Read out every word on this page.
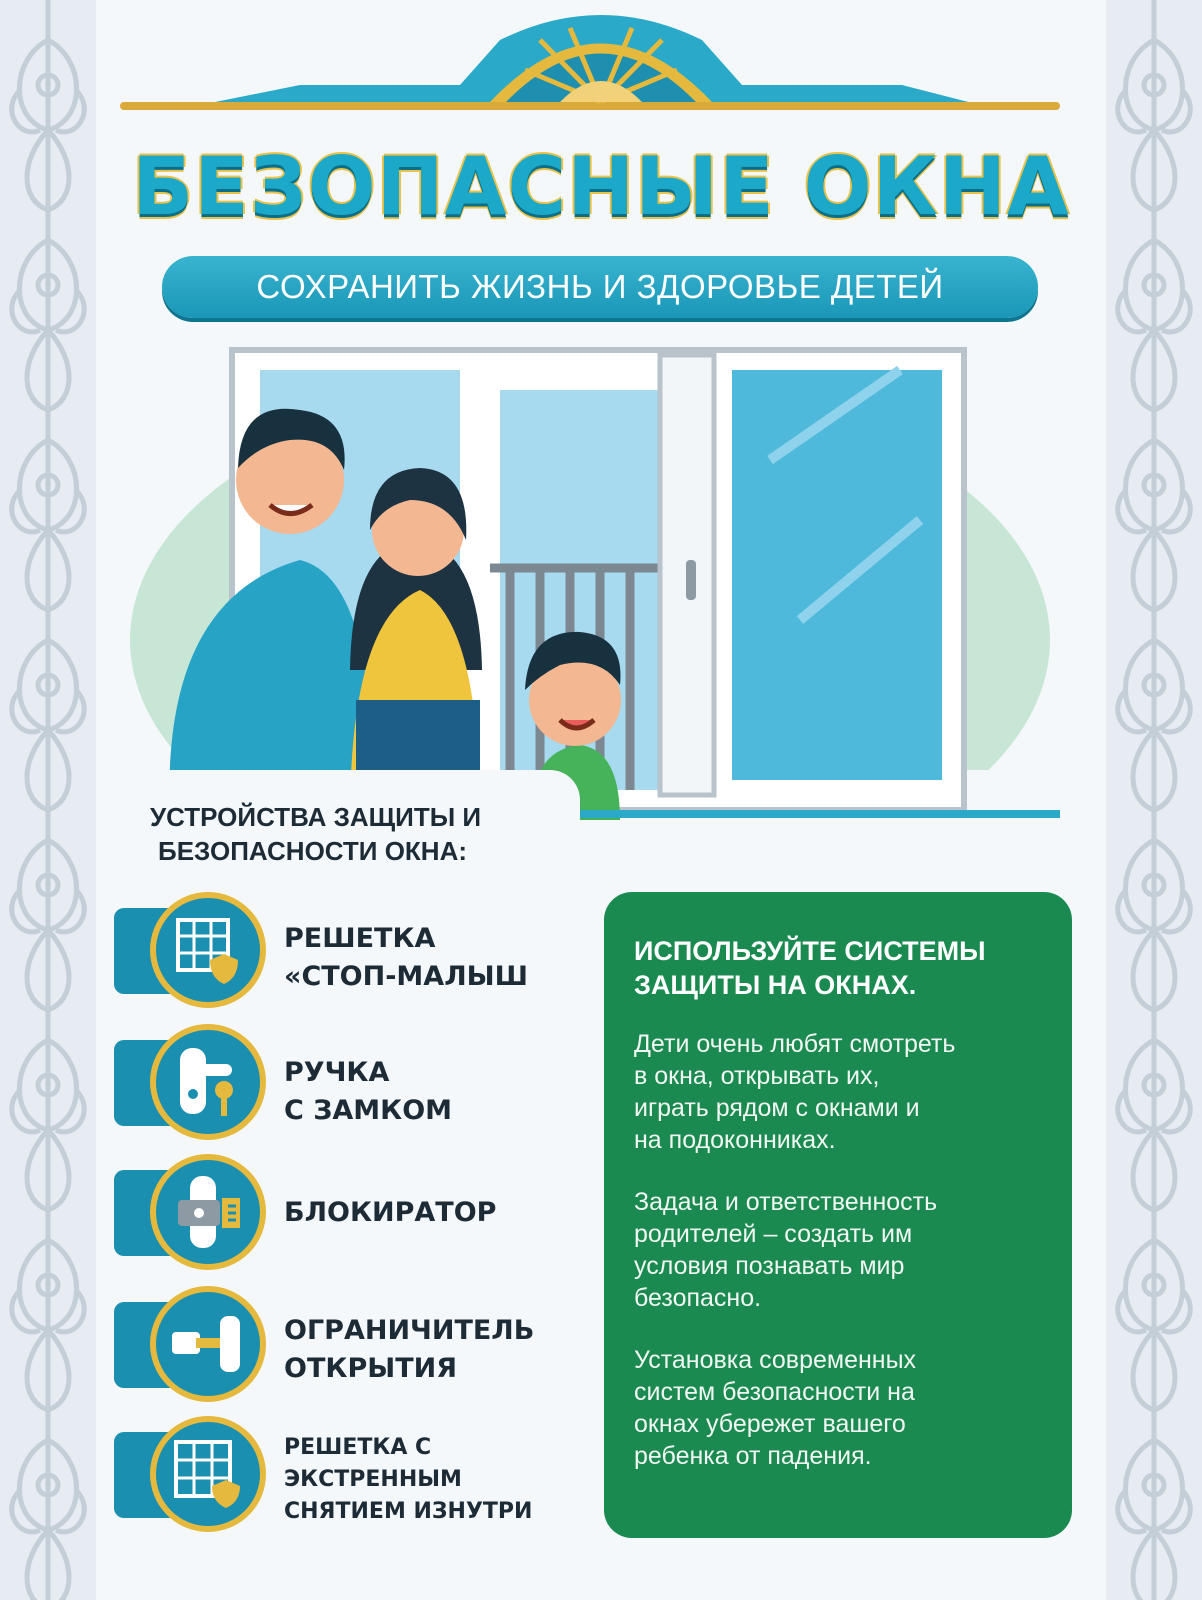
БЕЗОПАСНЫЕ ОКНА
СОХРАНИТЬ ЖИЗНЬ И ЗДОРОВЬЕ ДЕТЕЙ
УСТРОЙСТВА ЗАЩИТЫ И
БЕЗОПАСНОСТИ ОКНА:
РЕШЕТКА
«СТОП-МАЛЫШ
РУЧКА
С ЗАМКОМ
БЛОКИРАТОР
ОГРАНИЧИТЕЛЬ
ОТКРЫТИЯ
РЕШЕТКА С
ЭКСТРЕННЫМ
СНЯТИЕМ ИЗНУТРИ
ИСПОЛЬЗУЙТЕ СИСТЕМЫ
ЗАЩИТЫ НА ОКНАХ.
Дети очень любят смотреть
в окна, открывать их,
играть рядом с окнами и
на подоконниках.
Задача и ответственность
родителей – создать им
условия познавать мир
безопасно.
Установка современных
систем безопасности на
окнах убережет вашего
ребенка от падения.
